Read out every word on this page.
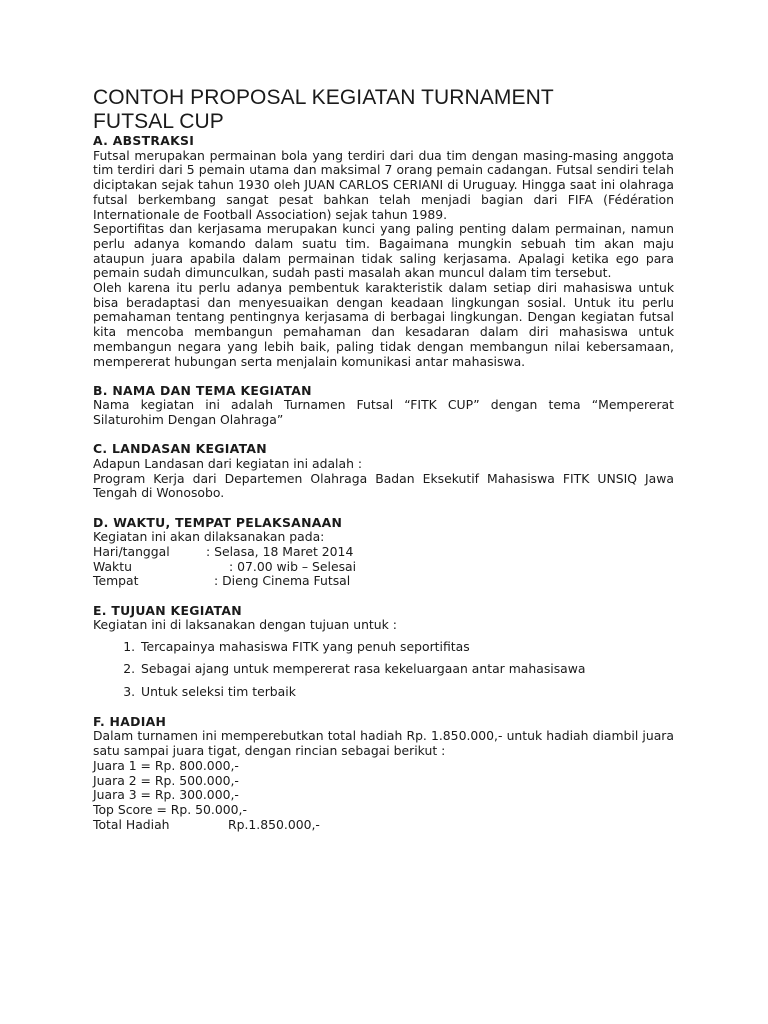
CONTOH PROPOSAL KEGIATAN TURNAMENT
FUTSAL CUP

A. ABSTRAKSI

Futsal merupakan permainan bola yang terdiri dari dua tim dengan masing-masing anggota tim terdiri dari 5 pemain utama dan maksimal 7 orang pemain cadangan. Futsal sendiri telah diciptakan sejak tahun 1930 oleh JUAN CARLOS CERIANI di Uruguay. Hingga saat ini olahraga futsal berkembang sangat pesat bahkan telah menjadi bagian dari FIFA (Fédération Internationale de Football Association) sejak tahun 1989.

Seportifitas dan kerjasama merupakan kunci yang paling penting dalam permainan, namun perlu adanya komando dalam suatu tim. Bagaimana mungkin sebuah tim akan maju ataupun juara apabila dalam permainan tidak saling kerjasama. Apalagi ketika ego para pemain sudah dimunculkan, sudah pasti masalah akan muncul dalam tim tersebut.

Oleh karena itu perlu adanya pembentuk karakteristik dalam setiap diri mahasiswa untuk bisa beradaptasi dan menyesuaikan dengan keadaan lingkungan sosial. Untuk itu perlu pemahaman tentang pentingnya kerjasama di berbagai lingkungan. Dengan kegiatan futsal kita mencoba membangun pemahaman dan kesadaran dalam diri mahasiswa untuk membangun negara yang lebih baik, paling tidak dengan membangun nilai kebersamaan, mempererat hubungan serta menjalain komunikasi antar mahasiswa.

B. NAMA DAN TEMA KEGIATAN

Nama kegiatan ini adalah Turnamen Futsal “FITK CUP” dengan tema “Mempererat Silaturohim Dengan Olahraga”

C. LANDASAN KEGIATAN

Adapun Landasan dari kegiatan ini adalah :

Program Kerja dari Departemen Olahraga Badan Eksekutif Mahasiswa FITK UNSIQ Jawa Tengah di Wonosobo.

D. WAKTU, TEMPAT PELAKSANAAN

Kegiatan ini akan dilaksanakan pada:

Hari/tanggal	: Selasa, 18 Maret 2014
Waktu	: 07.00 wib – Selesai
Tempat	: Dieng Cinema Futsal

E. TUJUAN KEGIATAN

Kegiatan ini di laksanakan dengan tujuan untuk :

1. Tercapainya mahasiswa FITK yang penuh seportifitas
2. Sebagai ajang untuk mempererat rasa kekeluargaan antar mahasisawa
3. Untuk seleksi tim terbaik

F. HADIAH

Dalam turnamen ini memperebutkan total hadiah Rp. 1.850.000,- untuk hadiah diambil juara satu sampai juara tigat, dengan rincian sebagai berikut :

Juara 1 = Rp. 800.000,-

Juara 2 = Rp. 500.000,-

Juara 3 = Rp. 300.000,-

Top Score = Rp. 50.000,-

Total Hadiah	Rp.1.850.000,-
